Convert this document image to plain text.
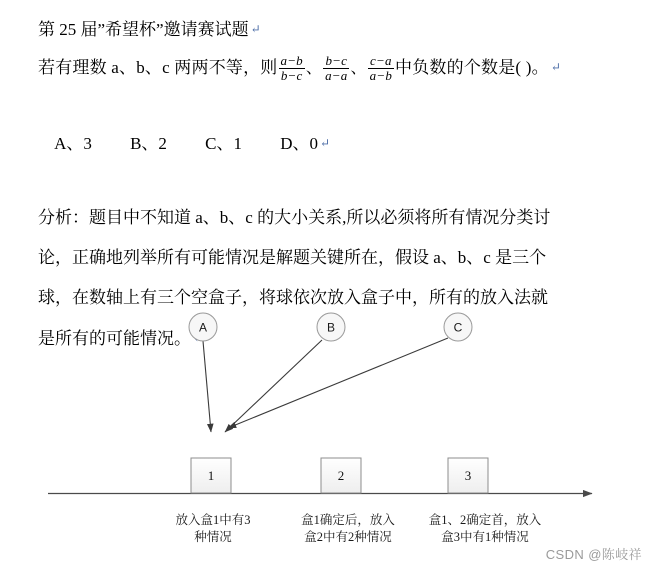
第 25 届”希望杯”邀请赛试题 ↵
若有理数 a、b、c 两两不等，则 $\frac{a-b}{b-c}$ 、 $\frac{b-c}{a-a}$ 、 $\frac{c-a}{a-b}$ 中负数的个数是( )。 ↵

A、3         B、2         C、1         D、0 ↵

分析：题目中不知道 a、b、c 的大小关系,所以必须将所有情况分类讨
论，正确地列举所有可能情况是解题关键所在，假设 a、b、c 是三个
球，在数轴上有三个空盒子，将球依次放入盒子中，所有的放入法就
是所有的可能情况。
A	B	C
1	2	3
放入盒1中有3
种情况
盒1确定后，放入
盒2中有2种情况
盒1、2确定首，放入
盒3中有1种情况
CSDN @陈岐祥
